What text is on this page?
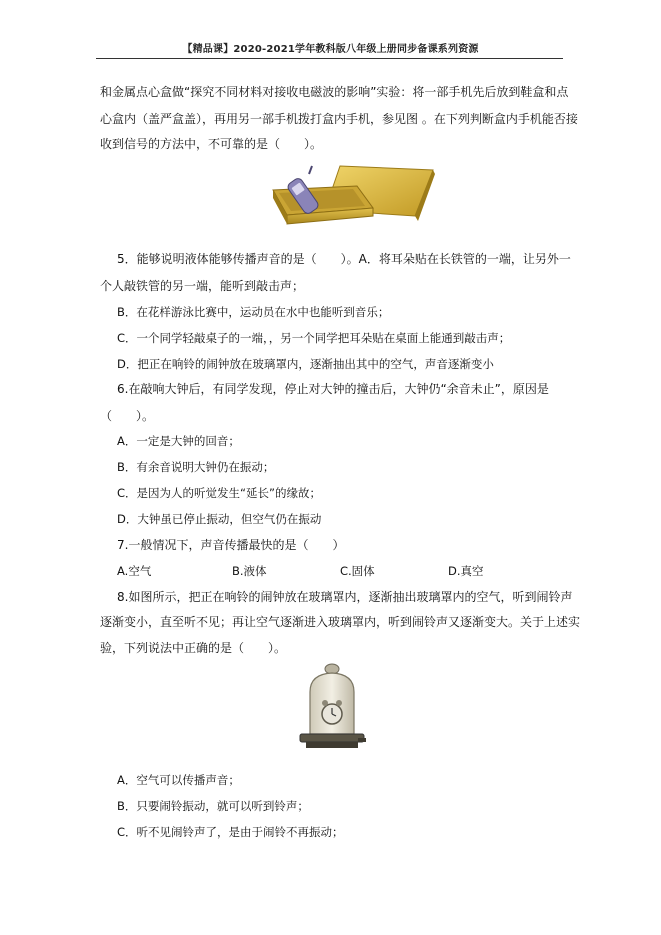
【精品课】2020-2021学年教科版八年级上册同步备课系列资源
和金属点心盒做“探究不同材料对接收电磁波的影响”实验：将一部手机先后放到鞋盒和点
心盒内（盖严盒盖），再用另一部手机拨打盒内手机，参见图 。在下列判断盒内手机能否接
收到信号的方法中，不可靠的是（　　）。
5．能够说明液体能够传播声音的是（　　）。A．将耳朵贴在长铁管的一端，让另外一
个人敲铁管的另一端，能听到敲击声；
B．在花样游泳比赛中，运动员在水中也能听到音乐；
C．一个同学轻敲桌子的一端，，另一个同学把耳朵贴在桌面上能通到敲击声；
D．把正在响铃的闹钟放在玻璃罩内，逐渐抽出其中的空气，声音逐渐变小
6.在敲响大钟后，有同学发现，停止对大钟的撞击后，大钟仍“余音未止”，原因是
（　　）。
A．一定是大钟的回音；
B．有余音说明大钟仍在振动；
C．是因为人的听觉发生“延长”的缘故；
D．大钟虽已停止振动，但空气仍在振动
7.一般情况下，声音传播最快的是（　　）
A.空气	B.液体	C.固体	D.真空
8.如图所示，把正在响铃的闹钟放在玻璃罩内，逐渐抽出玻璃罩内的空气，听到闹铃声
逐渐变小，直至听不见；再让空气逐渐进入玻璃罩内，听到闹铃声又逐渐变大。关于上述实
验，下列说法中正确的是（　　）。
A．空气可以传播声音；
B．只要闹铃振动，就可以听到铃声；
C．听不见闹铃声了，是由于闹铃不再振动；
